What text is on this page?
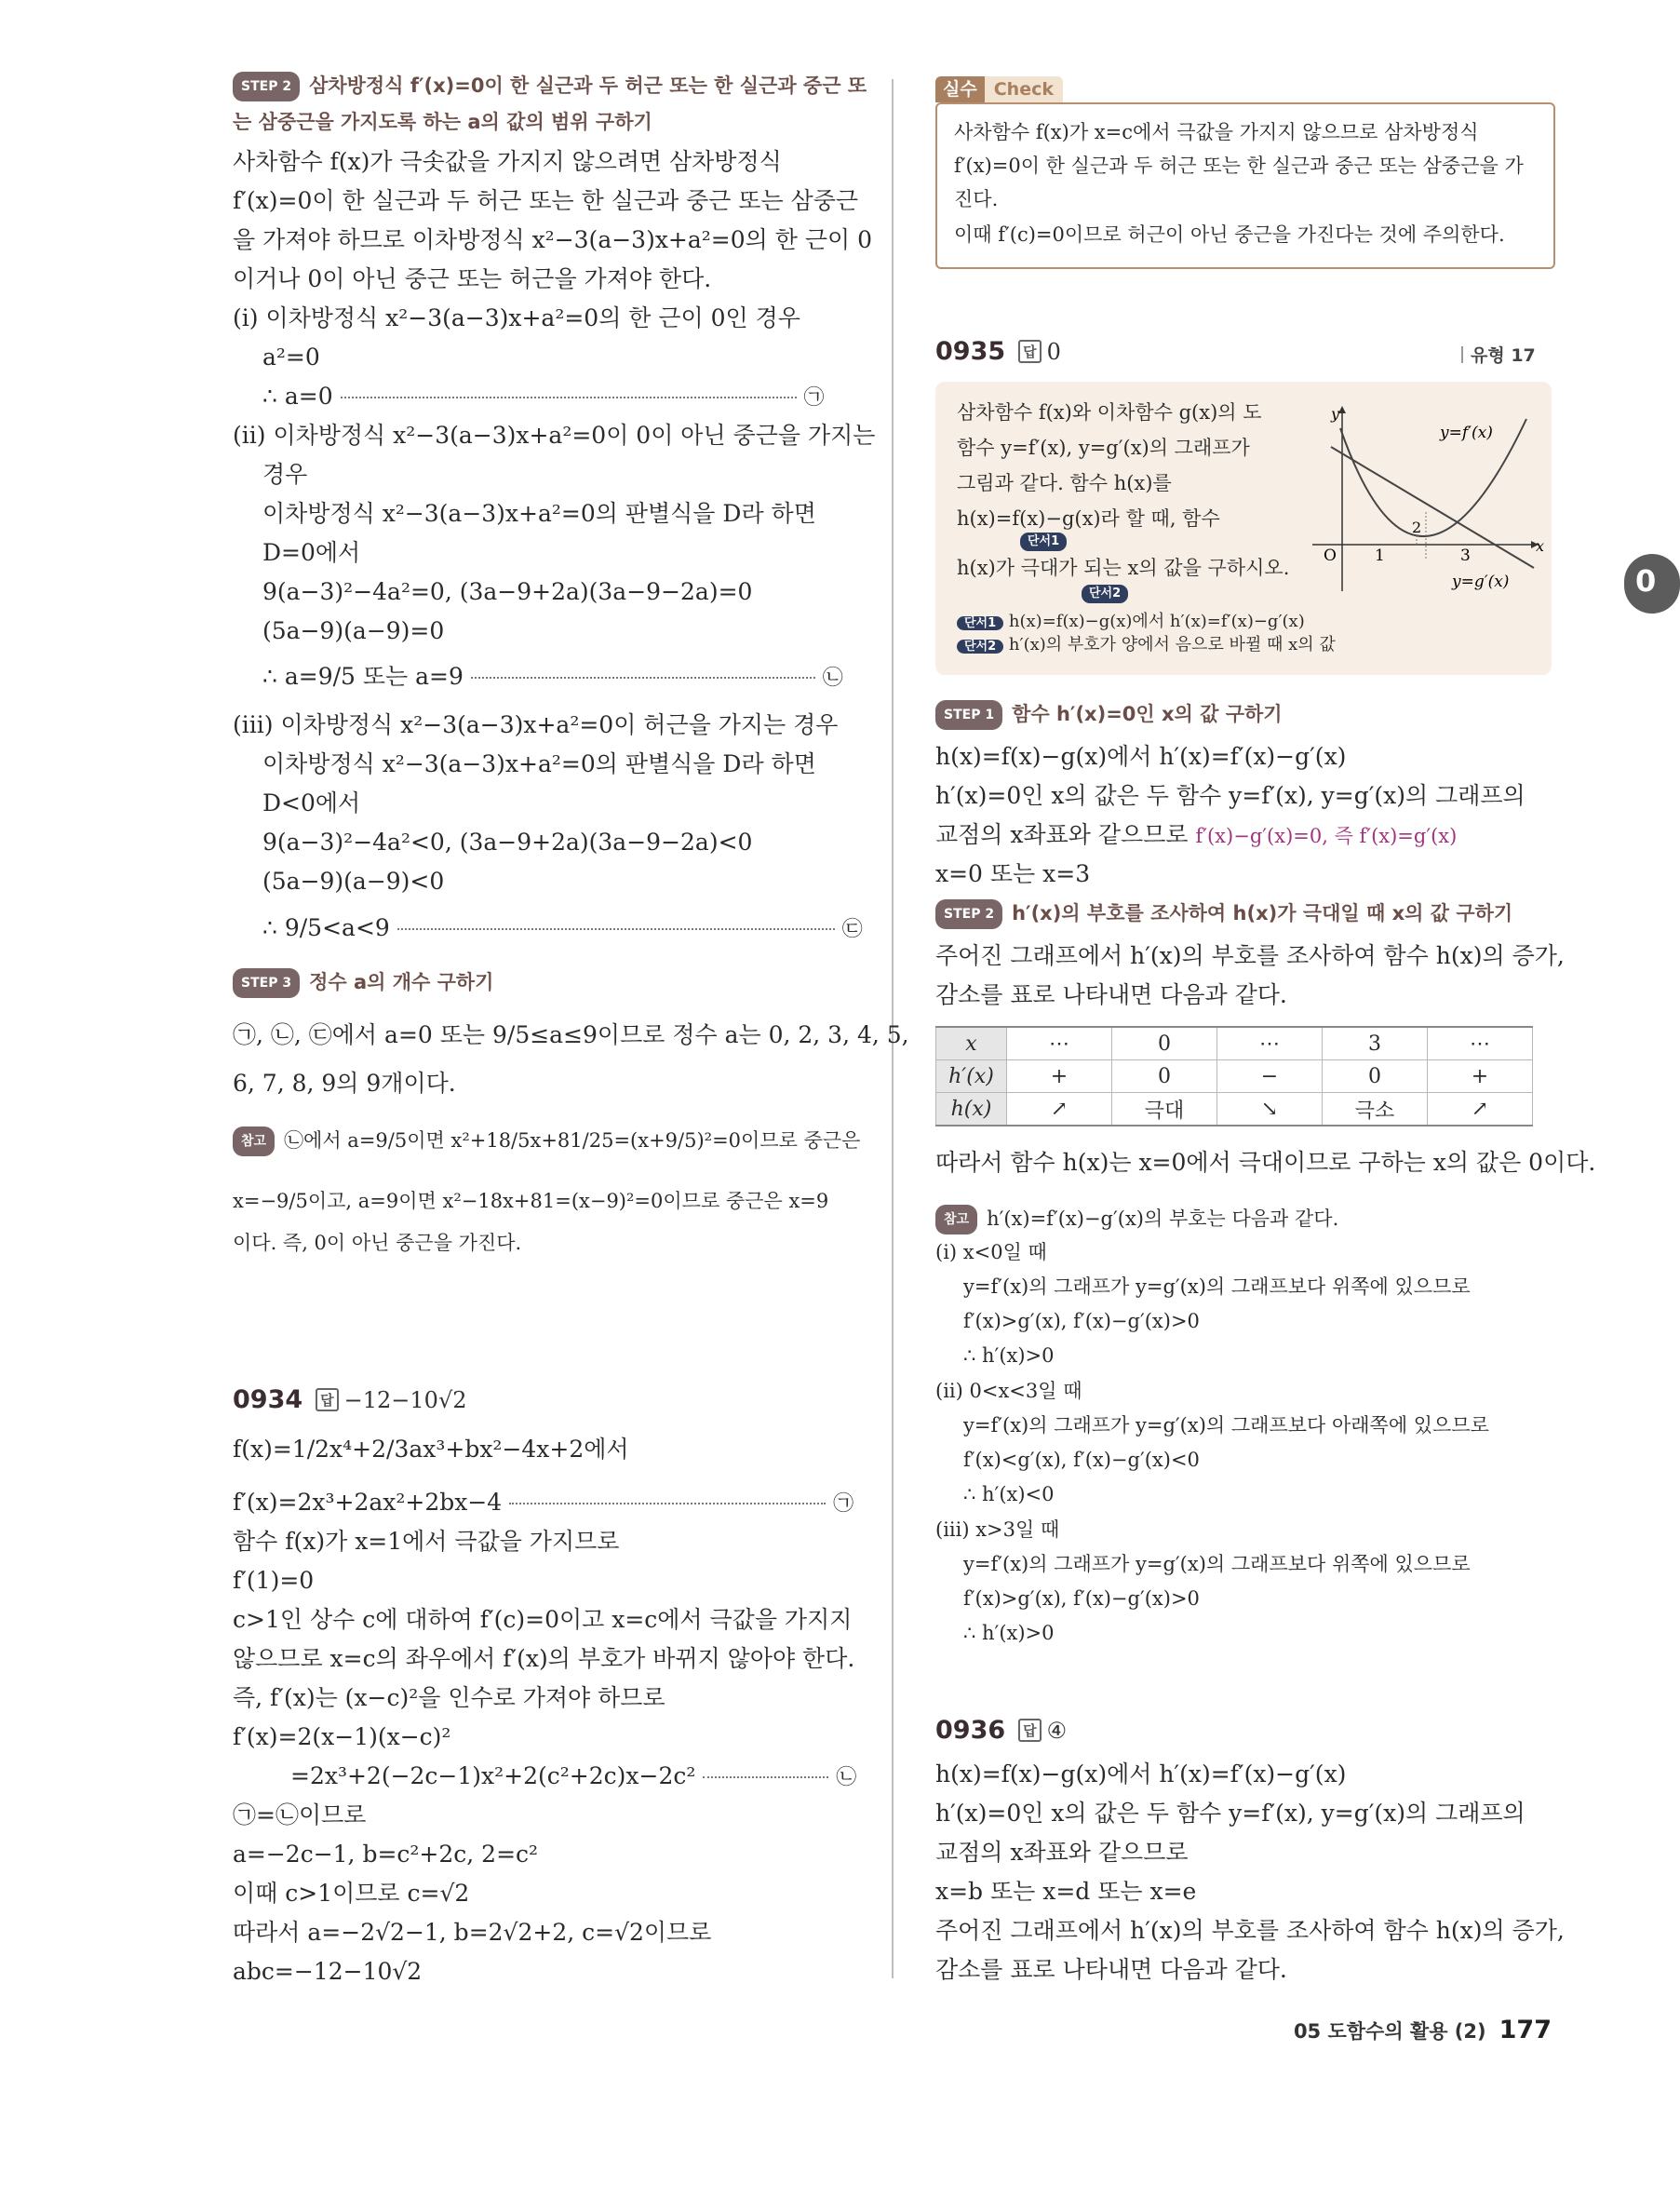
STEP 2 삼차방정식 f′(x)=0이 한 실근과 두 허근 또는 한 실근과 중근 또
는 삼중근을 가지도록 하는 a의 값의 범위 구하기
사차함수 f(x)가 극솟값을 가지지 않으려면 삼차방정식
f′(x)=0이 한 실근과 두 허근 또는 한 실근과 중근 또는 삼중근
을 가져야 하므로 이차방정식 x²−3(a−3)x+a²=0의 한 근이 0
이거나 0이 아닌 중근 또는 허근을 가져야 한다.
(i) 이차방정식 x²−3(a−3)x+a²=0의 한 근이 0인 경우
a²=0
∴ a=0	㉠
(ii) 이차방정식 x²−3(a−3)x+a²=0이 0이 아닌 중근을 가지는
경우
이차방정식 x²−3(a−3)x+a²=0의 판별식을 D라 하면
D=0에서
9(a−3)²−4a²=0, (3a−9+2a)(3a−9−2a)=0
(5a−9)(a−9)=0
∴ a=9/5 또는 a=9	㉡
(iii) 이차방정식 x²−3(a−3)x+a²=0이 허근을 가지는 경우
이차방정식 x²−3(a−3)x+a²=0의 판별식을 D라 하면
D<0에서
9(a−3)²−4a²<0, (3a−9+2a)(3a−9−2a)<0
(5a−9)(a−9)<0
∴ 9/5<a<9	㉢
STEP 3 정수 a의 개수 구하기
㉠, ㉡, ㉢에서 a=0 또는 9/5≤a≤9이므로 정수 a는 0, 2, 3, 4, 5,
6, 7, 8, 9의 9개이다.
참고 ㉡에서 a=9/5이면 x²+18/5x+81/25=(x+9/5)²=0이므로 중근은
x=−9/5이고, a=9이면 x²−18x+81=(x−9)²=0이므로 중근은 x=9
이다. 즉, 0이 아닌 중근을 가진다.
0934 답 −12−10√2
f(x)=1/2x⁴+2/3ax³+bx²−4x+2에서
f′(x)=2x³+2ax²+2bx−4	㉠
함수 f(x)가 x=1에서 극값을 가지므로
f′(1)=0
c>1인 상수 c에 대하여 f′(c)=0이고 x=c에서 극값을 가지지
않으므로 x=c의 좌우에서 f′(x)의 부호가 바뀌지 않아야 한다.
즉, f′(x)는 (x−c)²을 인수로 가져야 하므로
f′(x)=2(x−1)(x−c)²
=2x³+2(−2c−1)x²+2(c²+2c)x−2c²	㉡
㉠=㉡이므로
a=−2c−1, b=c²+2c, 2=c²
이때 c>1이므로 c=√2
따라서 a=−2√2−1, b=2√2+2, c=√2이므로
abc=−12−10√2
실수 Check
사차함수 f(x)가 x=c에서 극값을 가지지 않으므로 삼차방정식
f′(x)=0이 한 실근과 두 허근 또는 한 실근과 중근 또는 삼중근을 가
진다.
이때 f′(c)=0이므로 허근이 아닌 중근을 가진다는 것에 주의한다.
0935 답 0	유형 17
삼차함수 f(x)와 이차함수 g(x)의 도
함수 y=f′(x), y=g′(x)의 그래프가
그림과 같다. 함수 h(x)를
h(x)=f(x)−g(x)라 할 때, 함수
단서1
h(x)가 극대가 되는 x의 값을 구하시오.
단서2
단서1 h(x)=f(x)−g(x)에서 h′(x)=f′(x)−g′(x)
단서2 h′(x)의 부호가 양에서 음으로 바뀔 때 x의 값
y
x
O 1
2
3
y=f′(x)
y=g′(x)
STEP 1 함수 h′(x)=0인 x의 값 구하기
h(x)=f(x)−g(x)에서 h′(x)=f′(x)−g′(x)
h′(x)=0인 x의 값은 두 함수 y=f′(x), y=g′(x)의 그래프의
교점의 x좌표와 같으므로 f′(x)−g′(x)=0, 즉 f′(x)=g′(x)
x=0 또는 x=3
STEP 2 h′(x)의 부호를 조사하여 h(x)가 극대일 때 x의 값 구하기
주어진 그래프에서 h′(x)의 부호를 조사하여 함수 h(x)의 증가,
감소를 표로 나타내면 다음과 같다.
x	⋯	0	⋯	3	⋯
h′(x)	+	0	−	0	+
h(x)	↗	극대	↘	극소	↗
따라서 함수 h(x)는 x=0에서 극대이므로 구하는 x의 값은 0이다.
참고 h′(x)=f′(x)−g′(x)의 부호는 다음과 같다.
(i) x<0일 때
y=f′(x)의 그래프가 y=g′(x)의 그래프보다 위쪽에 있으므로
f′(x)>g′(x), f′(x)−g′(x)>0
∴ h′(x)>0
(ii) 0<x<3일 때
y=f′(x)의 그래프가 y=g′(x)의 그래프보다 아래쪽에 있으므로
f′(x)<g′(x), f′(x)−g′(x)<0
∴ h′(x)<0
(iii) x>3일 때
y=f′(x)의 그래프가 y=g′(x)의 그래프보다 위쪽에 있으므로
f′(x)>g′(x), f′(x)−g′(x)>0
∴ h′(x)>0
0936 답 ④
h(x)=f(x)−g(x)에서 h′(x)=f′(x)−g′(x)
h′(x)=0인 x의 값은 두 함수 y=f′(x), y=g′(x)의 그래프의
교점의 x좌표와 같으므로
x=b 또는 x=d 또는 x=e
주어진 그래프에서 h′(x)의 부호를 조사하여 함수 h(x)의 증가,
감소를 표로 나타내면 다음과 같다.
05 도함수의 활용 (2) 177
0
